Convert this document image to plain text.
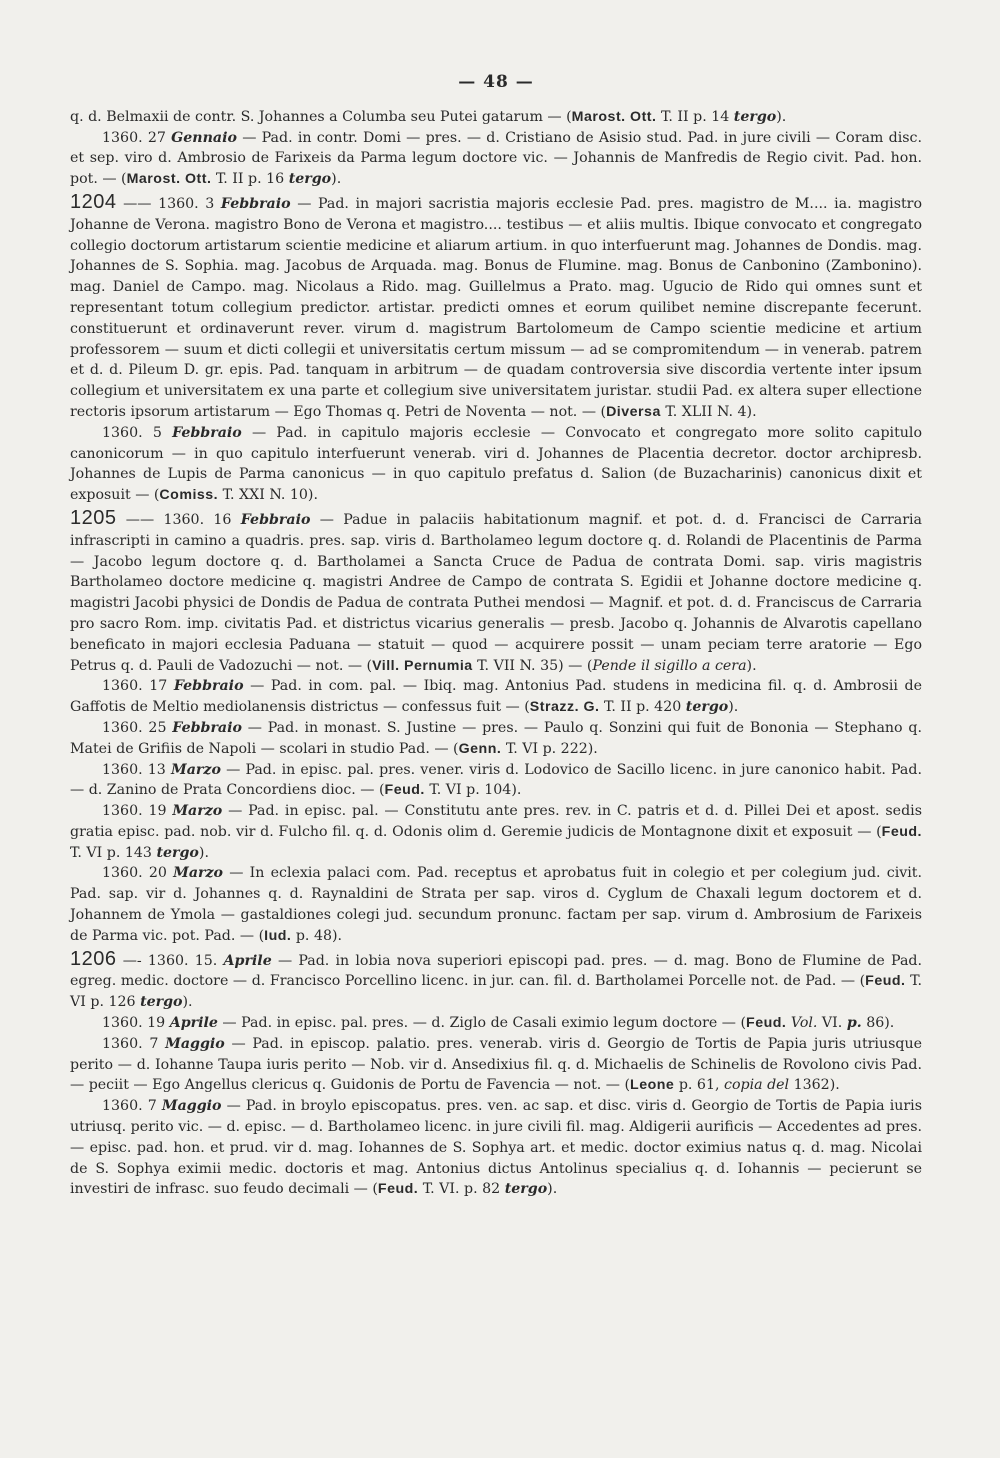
— 48 —

q. d. Belmaxii de contr. S. Johannes a Columba seu Putei gatarum — (Marost. Ott. T. II p. 14 tergo).

1360. 27 Gennaio — Pad. in contr. Domi — pres. — d. Cristiano de Asisio stud. Pad. in jure civili — Coram disc. et sep. viro d. Ambrosio de Farixeis da Parma legum doctore vic. — Johannis de Manfredis de Regio civit. Pad. hon. pot. — (Marost. Ott. T. II p. 16 tergo).

1204 —— 1360. 3 Febbraio — Pad. in majori sacristia majoris ecclesie Pad. pres. magistro de M.... ia. magistro Johanne de Verona. magistro Bono de Verona et magistro.... testibus — et aliis multis. Ibique convocato et congregato collegio doctorum artistarum scientie medicine et aliarum artium. in quo interfuerunt mag. Johannes de Dondis. mag. Johannes de S. Sophia. mag. Jacobus de Arquada. mag. Bonus de Flumine. mag. Bonus de Canbonino (Zambonino). mag. Daniel de Campo. mag. Nicolaus a Rido. mag. Guillelmus a Prato. mag. Ugucio de Rido qui omnes sunt et representant totum collegium predictor. artistar. predicti omnes et eorum quilibet nemine discrepante fecerunt. constituerunt et ordinaverunt rever. virum d. magistrum Bartolomeum de Campo scientie medicine et artium professorem — suum et dicti collegii et universitatis certum missum — ad se compromitendum — in venerab. patrem et d. d. Pileum D. gr. epis. Pad. tanquam in arbitrum — de quadam controversia sive discordia vertente inter ipsum collegium et universitatem ex una parte et collegium sive universitatem juristar. studii Pad. ex altera super ellectione rectoris ipsorum artistarum — Ego Thomas q. Petri de Noventa — not. — (Diversa T. XLII N. 4).

1360. 5 Febbraio — Pad. in capitulo majoris ecclesie — Convocato et congregato more solito capitulo canonicorum — in quo capitulo interfuerunt venerab. viri d. Johannes de Placentia decretor. doctor archipresb. Johannes de Lupis de Parma canonicus — in quo capitulo prefatus d. Salion (de Buzacharinis) canonicus dixit et exposuit — (Comiss. T. XXI N. 10).

1205 —— 1360. 16 Febbraio — Padue in palaciis habitationum magnif. et pot. d. d. Francisci de Carraria infrascripti in camino a quadris. pres. sap. viris d. Bartholameo legum doctore q. d. Rolandi de Placentinis de Parma — Jacobo legum doctore q. d. Bartholamei a Sancta Cruce de Padua de contrata Domi. sap. viris magistris Bartholameo doctore medicine q. magistri Andree de Campo de contrata S. Egidii et Johanne doctore medicine q. magistri Jacobi physici de Dondis de Padua de contrata Puthei mendosi — Magnif. et pot. d. d. Franciscus de Carraria pro sacro Rom. imp. civitatis Pad. et districtus vicarius generalis — presb. Jacobo q. Johannis de Alvarotis capellano beneficato in majori ecclesia Paduana — statuit — quod — acquirere possit — unam peciam terre aratorie — Ego Petrus q. d. Pauli de Vadozuchi — not. — (Vill. Pernumia T. VII N. 35) — (Pende il sigillo a cera).

1360. 17 Febbraio — Pad. in com. pal. — Ibiq. mag. Antonius Pad. studens in medicina fil. q. d. Ambrosii de Gaffotis de Meltio mediolanensis districtus — confessus fuit — (Strazz. G. T. II p. 420 tergo).

1360. 25 Febbraio — Pad. in monast. S. Justine — pres. — Paulo q. Sonzini qui fuit de Bononia — Stephano q. Matei de Grifiis de Napoli — scolari in studio Pad. — (Genn. T. VI p. 222).

1360. 13 Marzo — Pad. in episc. pal. pres. vener. viris d. Lodovico de Sacillo licenc. in jure canonico habit. Pad. — d. Zanino de Prata Concordiens dioc. — (Feud. T. VI p. 104).

1360. 19 Marzo — Pad. in episc. pal. — Constitutu ante pres. rev. in C. patris et d. d. Pillei Dei et apost. sedis gratia episc. pad. nob. vir d. Fulcho fil. q. d. Odonis olim d. Geremie judicis de Montagnone dixit et exposuit — (Feud. T. VI p. 143 tergo).

1360. 20 Marzo — In eclexia palaci com. Pad. receptus et aprobatus fuit in colegio et per colegium jud. civit. Pad. sap. vir d. Johannes q. d. Raynaldini de Strata per sap. viros d. Cyglum de Chaxali legum doctorem et d. Johannem de Ymola — gastaldiones colegi jud. secundum pronunc. factam per sap. virum d. Ambrosium de Farixeis de Parma vic. pot. Pad. — (Iud. p. 48).

1206 —- 1360. 15. Aprile — Pad. in lobia nova superiori episcopi pad. pres. — d. mag. Bono de Flumine de Pad. egreg. medic. doctore — d. Francisco Porcellino licenc. in jur. can. fil. d. Bartholamei Porcelle not. de Pad. — (Feud. T. VI p. 126 tergo).

1360. 19 Aprile — Pad. in episc. pal. pres. — d. Ziglo de Casali eximio legum doctore — (Feud. Vol. VI. p. 86).

1360. 7 Maggio — Pad. in episcop. palatio. pres. venerab. viris d. Georgio de Tortis de Papia juris utriusque perito — d. Iohanne Taupa iuris perito — Nob. vir d. Ansedixius fil. q. d. Michaelis de Schinelis de Rovolono civis Pad. — peciit — Ego Angellus clericus q. Guidonis de Portu de Favencia — not. — (Leone p. 61, copia del 1362).

1360. 7 Maggio — Pad. in broylo episcopatus. pres. ven. ac sap. et disc. viris d. Georgio de Tortis de Papia iuris utriusq. perito vic. — d. episc. — d. Bartholameo licenc. in jure civili fil. mag. Aldigerii aurificis — Accedentes ad pres. — episc. pad. hon. et prud. vir d. mag. Iohannes de S. Sophya art. et medic. doctor eximius natus q. d. mag. Nicolai de S. Sophya eximii medic. doctoris et mag. Antonius dictus Antolinus specialius q. d. Iohannis — pecierunt se investiri de infrasc. suo feudo decimali — (Feud. T. VI. p. 82 tergo).
